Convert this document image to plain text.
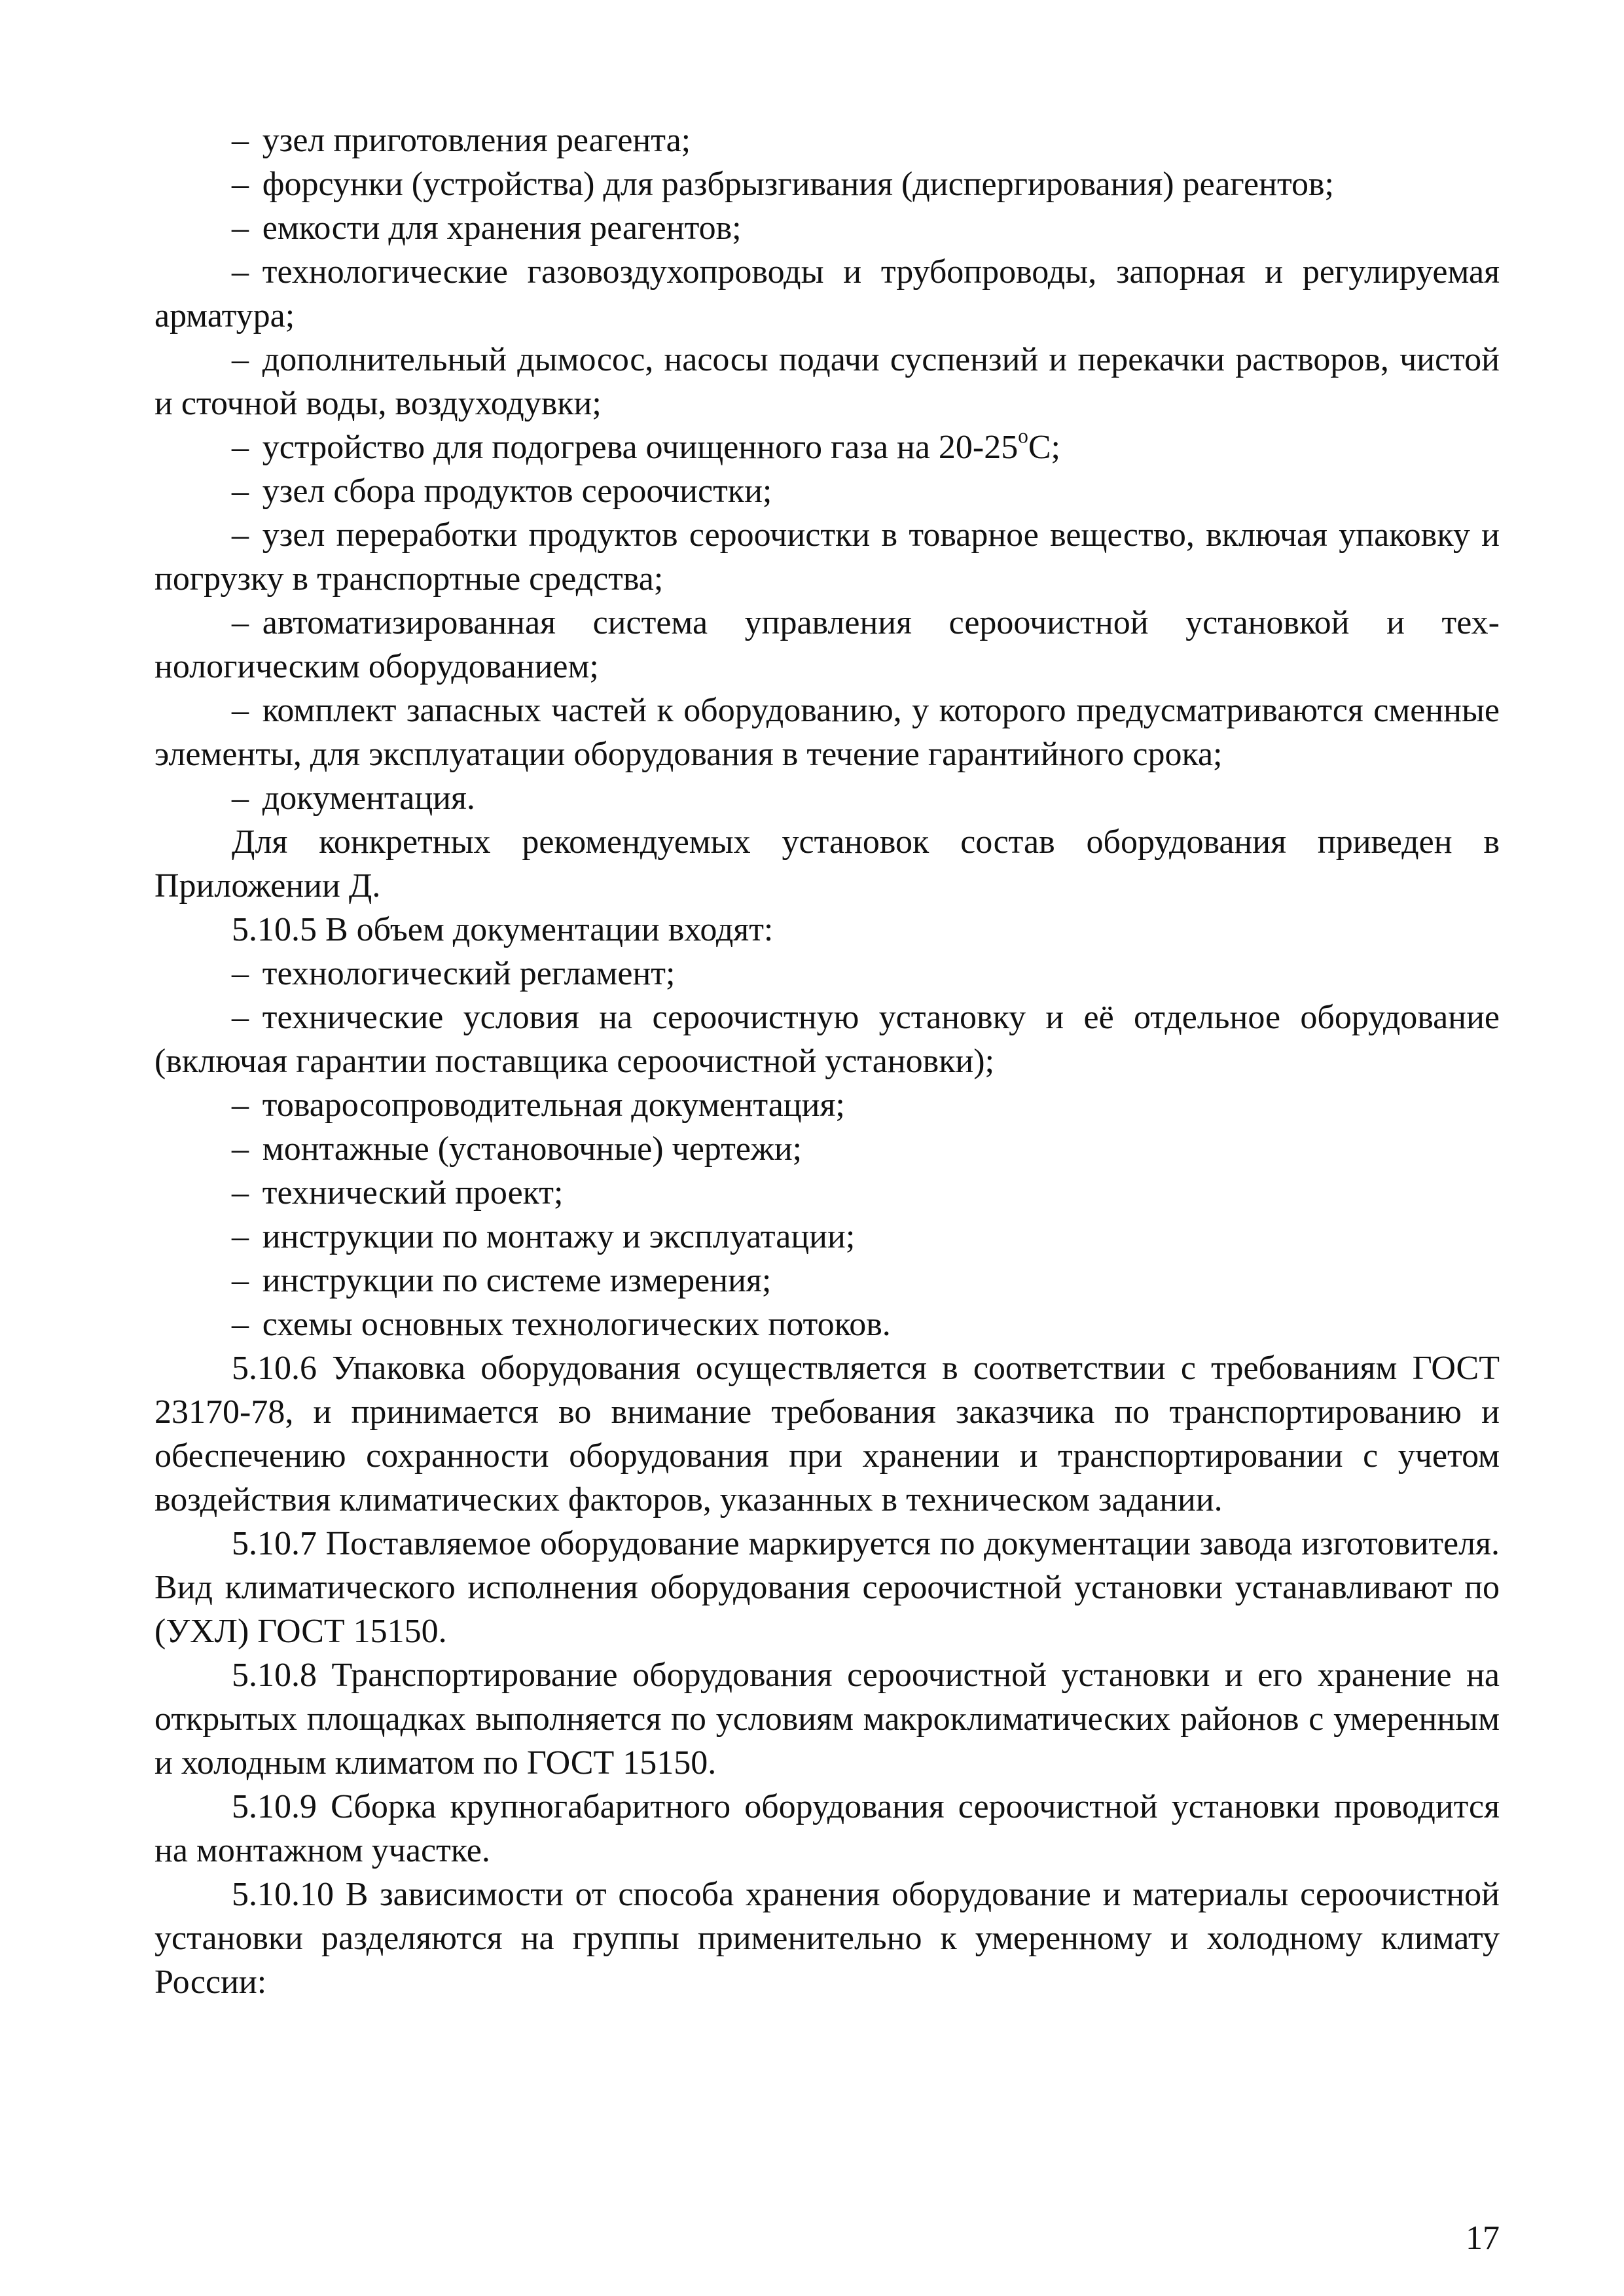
– узел приготовления реагента;

– форсунки (устройства) для разбрызгивания (диспергирования) реагентов;

– емкости для хранения реагентов;

– технологические газовоздухопроводы и трубопроводы, запорная и регулируемая арматура;

– дополнительный дымосос, насосы подачи суспензий и перекачки растворов, чистой и сточной воды, воздуходувки;

– устройство для подогрева очищенного газа на $20-25^оС$;

– узел сбора продуктов сероочистки;

– узел переработки продуктов сероочистки в товарное вещество, включая упаковку и погрузку в транспортные средства;

– автоматизированная система управления сероочистной установкой и технологическим оборудованием;

– комплект запасных частей к оборудованию, у которого предусматриваются сменные элементы, для эксплуатации оборудования в течение гарантийного срока;

– документация.

Для конкретных рекомендуемых установок состав оборудования приведен в Приложении Д.

5.10.5 В объем документации входят:

– технологический регламент;

– технические условия на сероочистную установку и её отдельное оборудование (включая гарантии поставщика сероочистной установки);

– товаросопроводительная документация;

– монтажные (установочные) чертежи;

– технический проект;

– инструкции по монтажу и эксплуатации;

– инструкции по системе измерения;

– схемы основных технологических потоков.

5.10.6 Упаковка оборудования осуществляется в соответствии с требованиям ГОСТ 23170-78, и принимается во внимание требования заказчика по транспортированию и обеспечению сохранности оборудования при хранении и транспортировании с учетом воздействия климатических факторов, указанных в техническом задании.

5.10.7 Поставляемое оборудование маркируется по документации завода изготовителя. Вид климатического исполнения оборудования сероочистной установки устанавливают по (УХЛ) ГОСТ 15150.

5.10.8 Транспортирование оборудования сероочистной установки и его хранение на открытых площадках выполняется по условиям макроклиматических районов с умеренным и холодным климатом по ГОСТ 15150.

5.10.9 Сборка крупногабаритного оборудования сероочистной установки проводится на монтажном участке.

5.10.10 В зависимости от способа хранения оборудование и материалы сероочистной установки разделяются на группы применительно к умеренному и холодному климату России:

17
